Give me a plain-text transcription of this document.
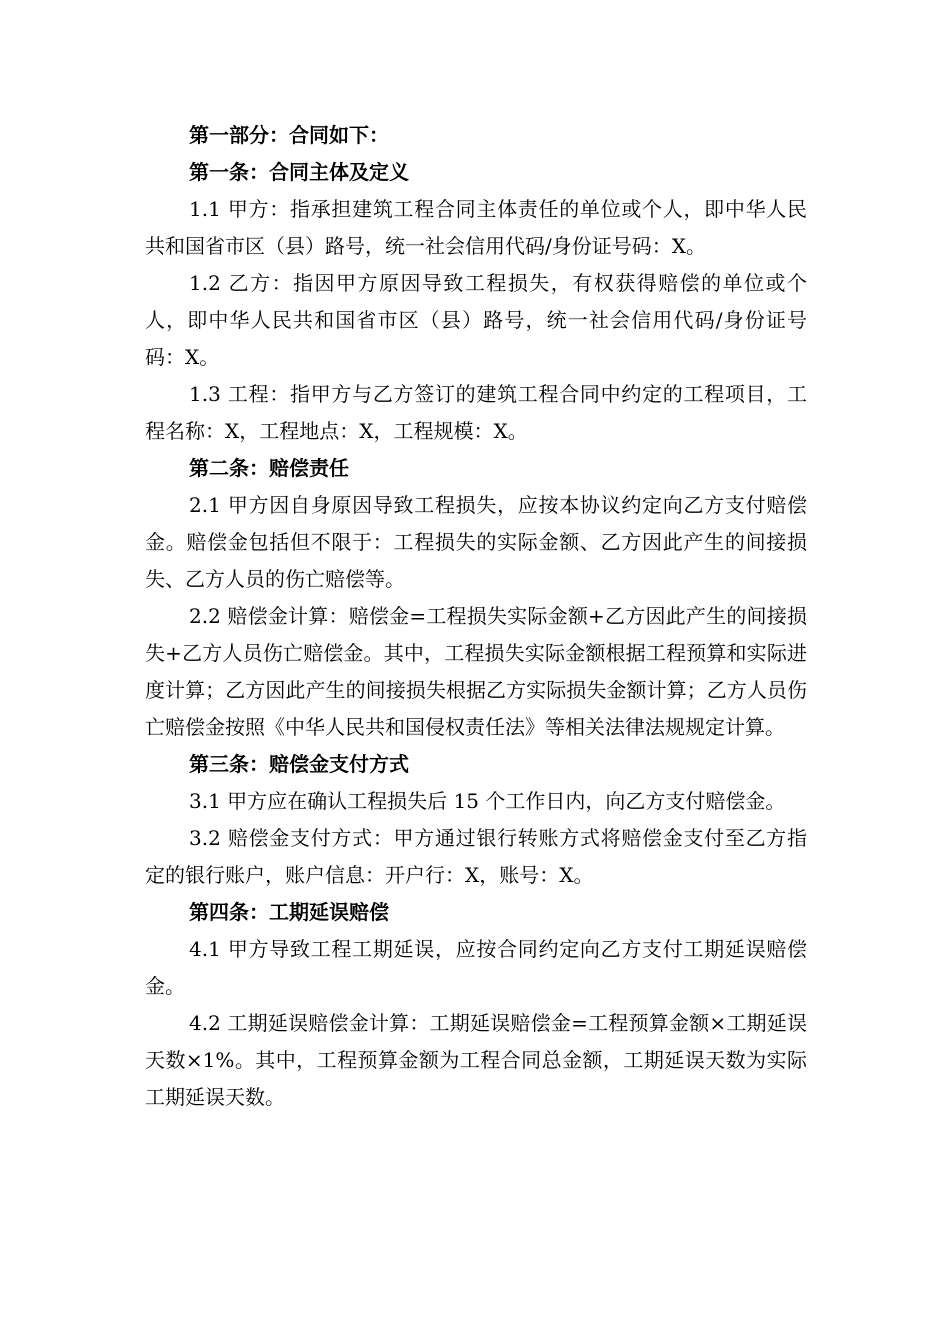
第一部分：合同如下：

第一条：合同主体及定义

1.1 甲方：指承担建筑工程合同主体责任的单位或个人，即中华人民共和国省市区（县）路号，统一社会信用代码/身份证号码：X。

1.2 乙方：指因甲方原因导致工程损失，有权获得赔偿的单位或个人，即中华人民共和国省市区（县）路号，统一社会信用代码/身份证号码：X。

1.3 工程：指甲方与乙方签订的建筑工程合同中约定的工程项目，工程名称：X，工程地点：X，工程规模：X。

第二条：赔偿责任

2.1 甲方因自身原因导致工程损失，应按本协议约定向乙方支付赔偿金。赔偿金包括但不限于：工程损失的实际金额、乙方因此产生的间接损失、乙方人员的伤亡赔偿等。

2.2 赔偿金计算：赔偿金=工程损失实际金额+乙方因此产生的间接损失+乙方人员伤亡赔偿金。其中，工程损失实际金额根据工程预算和实际进度计算；乙方因此产生的间接损失根据乙方实际损失金额计算；乙方人员伤亡赔偿金按照《中华人民共和国侵权责任法》等相关法律法规规定计算。

第三条：赔偿金支付方式

3.1 甲方应在确认工程损失后 15 个工作日内，向乙方支付赔偿金。

3.2 赔偿金支付方式：甲方通过银行转账方式将赔偿金支付至乙方指定的银行账户，账户信息：开户行：X，账号：X。

第四条：工期延误赔偿

4.1 甲方导致工程工期延误，应按合同约定向乙方支付工期延误赔偿金。

4.2 工期延误赔偿金计算：工期延误赔偿金=工程预算金额×工期延误天数×1%。其中，工程预算金额为工程合同总金额，工期延误天数为实际工期延误天数。
